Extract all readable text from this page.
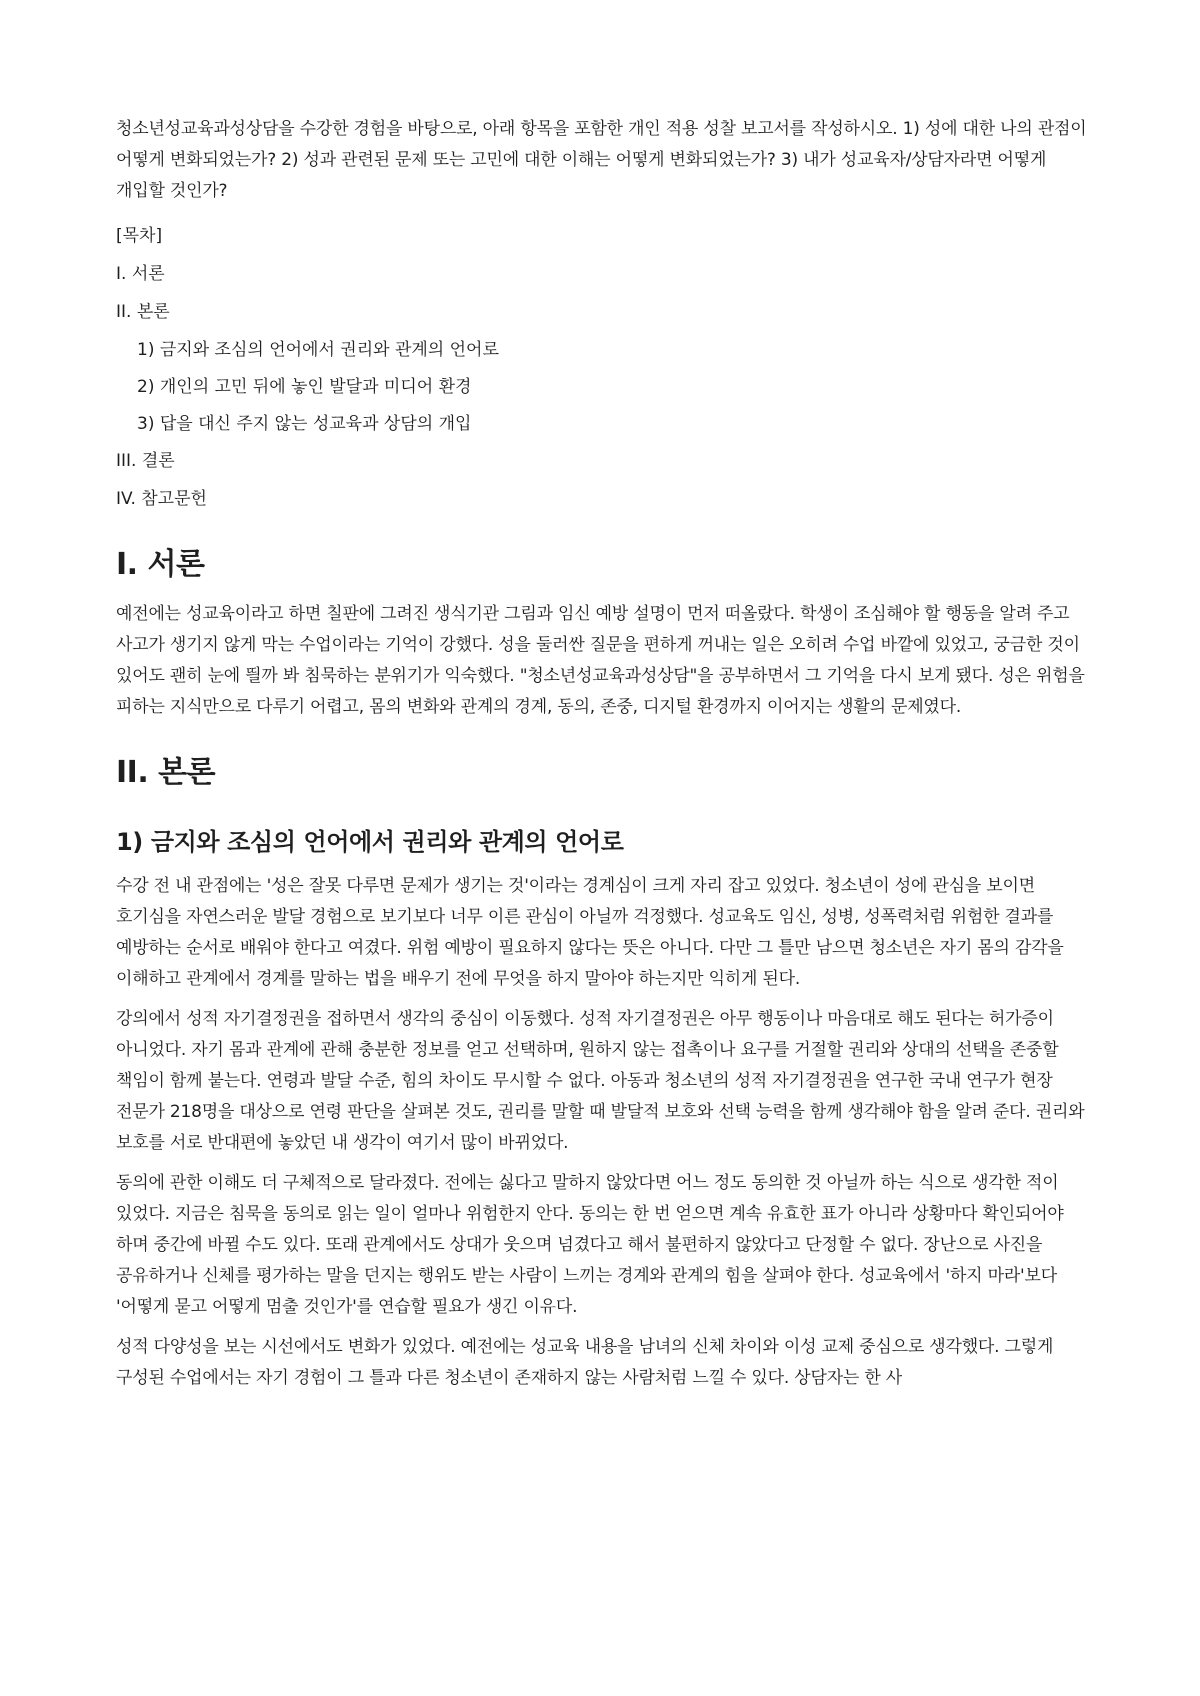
청소년성교육과성상담을 수강한 경험을 바탕으로, 아래 항목을 포함한 개인 적용 성찰 보고서를 작성하시오. 1) 성에 대한 나의 관점이 어떻게 변화되었는가? 2) 성과 관련된 문제 또는 고민에 대한 이해는 어떻게 변화되었는가? 3) 내가 성교육자/상담자라면 어떻게 개입할 것인가?

[목차]
I. 서론
II. 본론
1) 금지와 조심의 언어에서 권리와 관계의 언어로
2) 개인의 고민 뒤에 놓인 발달과 미디어 환경
3) 답을 대신 주지 않는 성교육과 상담의 개입
III. 결론
IV. 참고문헌
I. 서론

예전에는 성교육이라고 하면 칠판에 그려진 생식기관 그림과 임신 예방 설명이 먼저 떠올랐다. 학생이 조심해야 할 행동을 알려 주고 사고가 생기지 않게 막는 수업이라는 기억이 강했다. 성을 둘러싼 질문을 편하게 꺼내는 일은 오히려 수업 바깥에 있었고, 궁금한 것이 있어도 괜히 눈에 띌까 봐 침묵하는 분위기가 익숙했다. "청소년성교육과성상담"을 공부하면서 그 기억을 다시 보게 됐다. 성은 위험을 피하는 지식만으로 다루기 어렵고, 몸의 변화와 관계의 경계, 동의, 존중, 디지털 환경까지 이어지는 생활의 문제였다.

II. 본론
1) 금지와 조심의 언어에서 권리와 관계의 언어로

수강 전 내 관점에는 '성은 잘못 다루면 문제가 생기는 것'이라는 경계심이 크게 자리 잡고 있었다. 청소년이 성에 관심을 보이면 호기심을 자연스러운 발달 경험으로 보기보다 너무 이른 관심이 아닐까 걱정했다. 성교육도 임신, 성병, 성폭력처럼 위험한 결과를 예방하는 순서로 배워야 한다고 여겼다. 위험 예방이 필요하지 않다는 뜻은 아니다. 다만 그 틀만 남으면 청소년은 자기 몸의 감각을 이해하고 관계에서 경계를 말하는 법을 배우기 전에 무엇을 하지 말아야 하는지만 익히게 된다.

강의에서 성적 자기결정권을 접하면서 생각의 중심이 이동했다. 성적 자기결정권은 아무 행동이나 마음대로 해도 된다는 허가증이 아니었다. 자기 몸과 관계에 관해 충분한 정보를 얻고 선택하며, 원하지 않는 접촉이나 요구를 거절할 권리와 상대의 선택을 존중할 책임이 함께 붙는다. 연령과 발달 수준, 힘의 차이도 무시할 수 없다. 아동과 청소년의 성적 자기결정권을 연구한 국내 연구가 현장 전문가 218명을 대상으로 연령 판단을 살펴본 것도, 권리를 말할 때 발달적 보호와 선택 능력을 함께 생각해야 함을 알려 준다. 권리와 보호를 서로 반대편에 놓았던 내 생각이 여기서 많이 바뀌었다.

동의에 관한 이해도 더 구체적으로 달라졌다. 전에는 싫다고 말하지 않았다면 어느 정도 동의한 것 아닐까 하는 식으로 생각한 적이 있었다. 지금은 침묵을 동의로 읽는 일이 얼마나 위험한지 안다. 동의는 한 번 얻으면 계속 유효한 표가 아니라 상황마다 확인되어야 하며 중간에 바뀔 수도 있다. 또래 관계에서도 상대가 웃으며 넘겼다고 해서 불편하지 않았다고 단정할 수 없다. 장난으로 사진을 공유하거나 신체를 평가하는 말을 던지는 행위도 받는 사람이 느끼는 경계와 관계의 힘을 살펴야 한다. 성교육에서 '하지 마라'보다 '어떻게 묻고 어떻게 멈출 것인가'를 연습할 필요가 생긴 이유다.

성적 다양성을 보는 시선에서도 변화가 있었다. 예전에는 성교육 내용을 남녀의 신체 차이와 이성 교제 중심으로 생각했다. 그렇게 구성된 수업에서는 자기 경험이 그 틀과 다른 청소년이 존재하지 않는 사람처럼 느낄 수 있다. 상담자는 한 사
